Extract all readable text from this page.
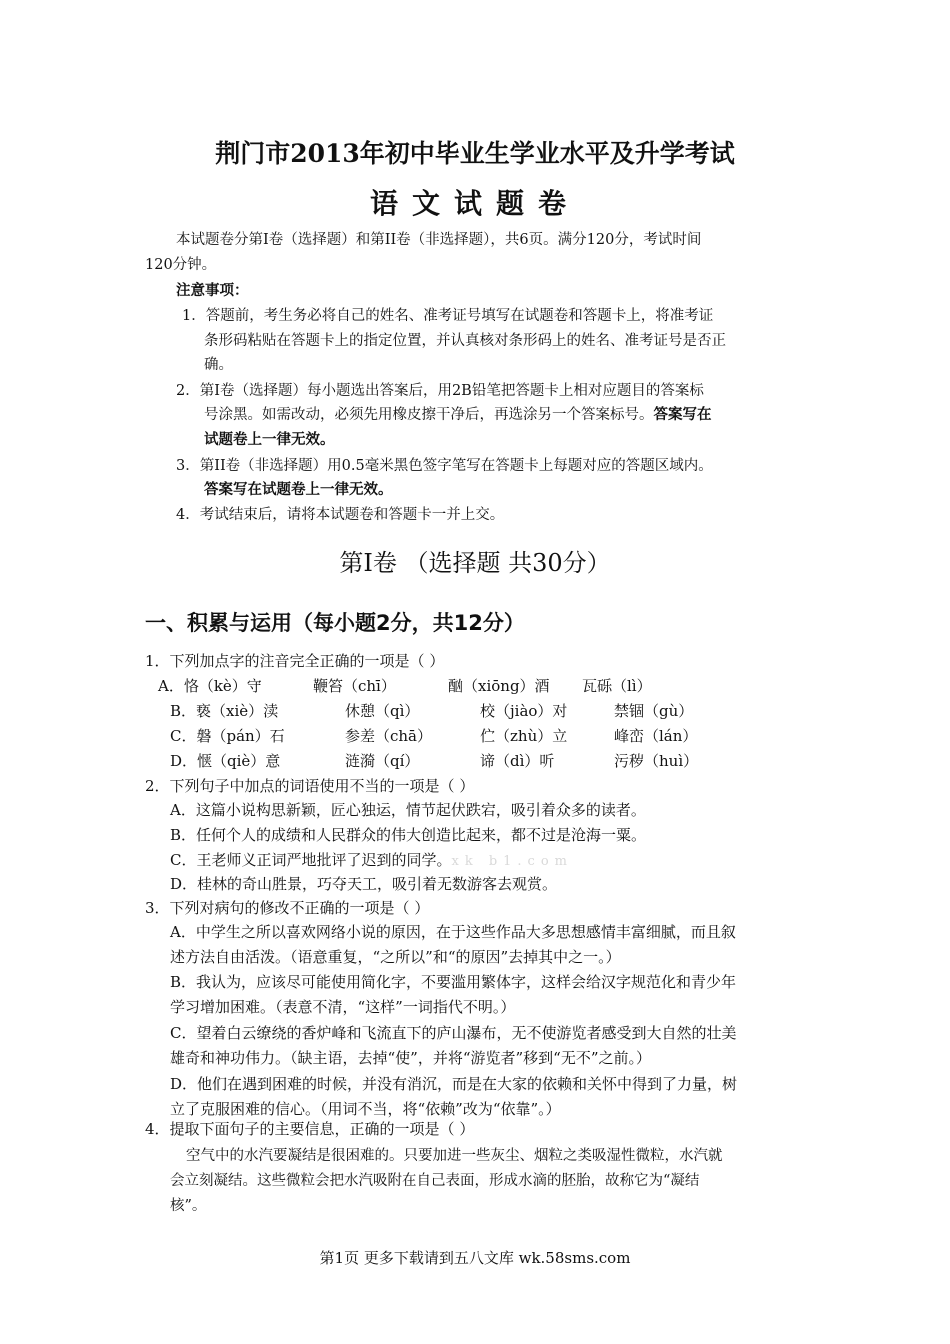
荆门市2013年初中毕业生学业水平及升学考试
语文试题卷
本试题卷分第Ⅰ卷（选择题）和第ⅠⅠ卷（非选择题），共6页。满分120分，考试时间
120分钟。
注意事项：
1．答题前，考生务必将自己的姓名、准考证号填写在试题卷和答题卡上，将准考证
条形码粘贴在答题卡上的指定位置，并认真核对条形码上的姓名、准考证号是否正
确。
2．第Ⅰ卷（选择题）每小题选出答案后，用2B铅笔把答题卡上相对应题目的答案标
号涂黑。如需改动，必须先用橡皮擦干净后，再选涂另一个答案标号。答案写在
试题卷上一律无效。
3．第ⅠⅠ卷（非选择题）用0.5毫米黑色签字笔写在答题卡上每题对应的答题区域内。
答案写在试题卷上一律无效。
4．考试结束后，请将本试题卷和答题卡一并上交。
第Ⅰ卷 （选择题 共30分）
一、积累与运用（每小题2分，共12分）
1．下列加点字的注音完全正确的一项是（ ）
A．恪（kè）守	鞭笞（chī）	酗（xiōng）酒 瓦砾（lì）
B．亵（xiè）渎	休憩（qì）	校（jiào）对	禁锢（gù）
C．磐（pán）石	参差（chā）	伫（zhù）立	峰峦（lán）
D．惬（qiè）意	涟漪（qí）	谛（dì）听	污秽（huì）
2．下列句子中加点的词语使用不当的一项是（ ）
A．这篇小说构思新颖，匠心独运，情节起伏跌宕，吸引着众多的读者。
B．任何个人的成绩和人民群众的伟大创造比起来，都不过是沧海一粟。
C．王老师义正词严地批评了迟到的同学。xk b1.com
D．桂林的奇山胜景，巧夺天工，吸引着无数游客去观赏。
3．下列对病句的修改不正确的一项是（ ）
A．中学生之所以喜欢网络小说的原因，在于这些作品大多思想感情丰富细腻，而且叙
述方法自由活泼。（语意重复，“之所以”和“的原因”去掉其中之一。）
B．我认为，应该尽可能使用简化字，不要滥用繁体字，这样会给汉字规范化和青少年
学习增加困难。（表意不清，“这样”一词指代不明。）
C．望着白云缭绕的香炉峰和飞流直下的庐山瀑布，无不使游览者感受到大自然的壮美
雄奇和神功伟力。（缺主语，去掉“使”，并将“游览者”移到“无不”之前。）
D．他们在遇到困难的时候，并没有消沉，而是在大家的依赖和关怀中得到了力量，树
立了克服困难的信心。（用词不当，将“依赖”改为“依靠”。）
4．提取下面句子的主要信息，正确的一项是（ ）
空气中的水汽要凝结是很困难的。只要加进一些灰尘、烟粒之类吸湿性微粒，水汽就
会立刻凝结。这些微粒会把水汽吸附在自己表面，形成水滴的胚胎，故称它为“凝结
核”。
第1页 更多下载请到五八文库 wk.58sms.com
